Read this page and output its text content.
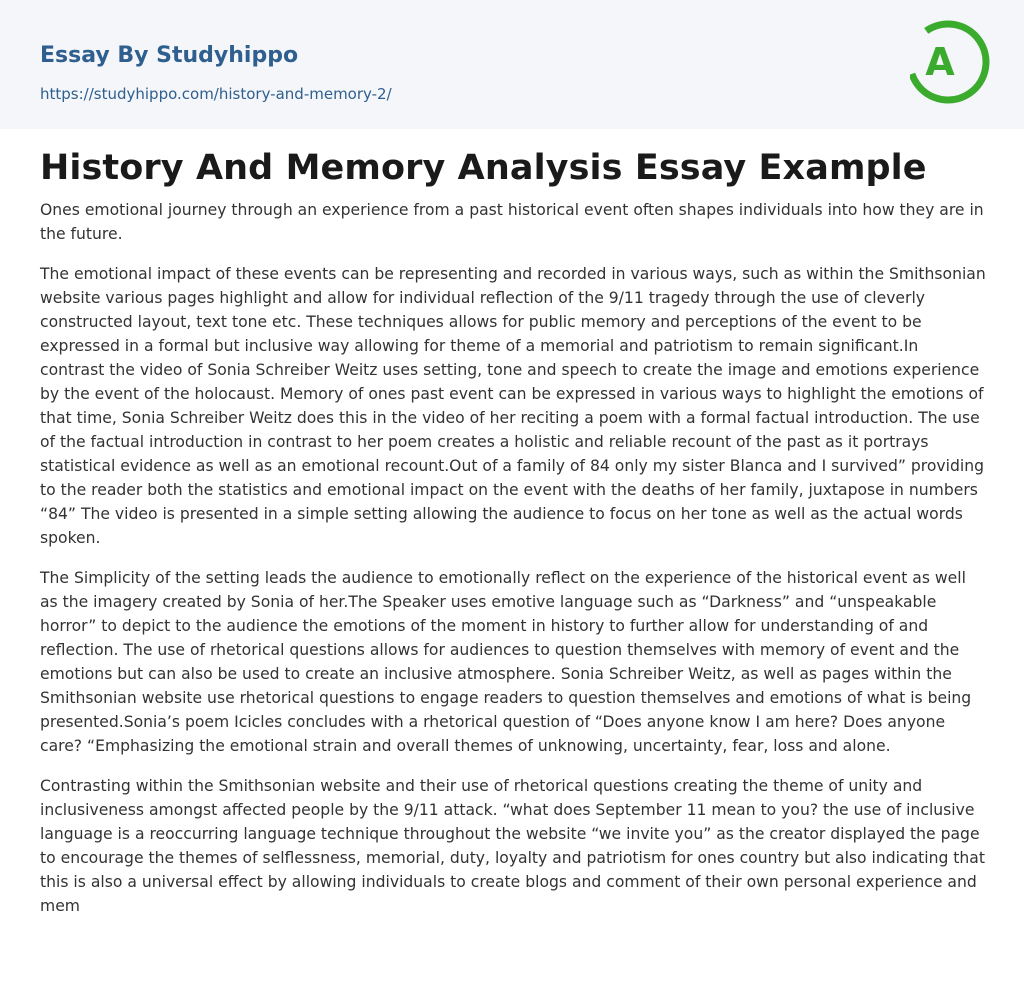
Essay By Studyhippo
https://studyhippo.com/history-and-memory-2/
A
History And Memory Analysis Essay Example

Ones emotional journey through an experience from a past historical event often shapes individuals into how they are in the future.

The emotional impact of these events can be representing and recorded in various ways, such as within the Smithsonian website various pages highlight and allow for individual reflection of the 9/11 tragedy through the use of cleverly constructed layout, text tone etc. These techniques allows for public memory and perceptions of the event to be expressed in a formal but inclusive way allowing for theme of a memorial and patriotism to remain significant.In contrast the video of Sonia Schreiber Weitz uses setting, tone and speech to create the image and emotions experience by the event of the holocaust. Memory of ones past event can be expressed in various ways to highlight the emotions of that time, Sonia Schreiber Weitz does this in the video of her reciting a poem with a formal factual introduction. The use of the factual introduction in contrast to her poem creates a holistic and reliable recount of the past as it portrays statistical evidence as well as an emotional recount.Out of a family of 84 only my sister Blanca and I survived” providing to the reader both the statistics and emotional impact on the event with the deaths of her family, juxtapose in numbers “84” The video is presented in a simple setting allowing the audience to focus on her tone as well as the actual words spoken.

The Simplicity of the setting leads the audience to emotionally reflect on the experience of the historical event as well as the imagery created by Sonia of her.The Speaker uses emotive language such as “Darkness” and “unspeakable horror” to depict to the audience the emotions of the moment in history to further allow for understanding of and reflection. The use of rhetorical questions allows for audiences to question themselves with memory of event and the emotions but can also be used to create an inclusive atmosphere. Sonia Schreiber Weitz, as well as pages within the Smithsonian website use rhetorical questions to engage readers to question themselves and emotions of what is being presented.Sonia’s poem Icicles concludes with a rhetorical question of “Does anyone know I am here? Does anyone care? “Emphasizing the emotional strain and overall themes of unknowing, uncertainty, fear, loss and alone.

Contrasting within the Smithsonian website and their use of rhetorical questions creating the theme of unity and inclusiveness amongst affected people by the 9/11 attack. “what does September 11 mean to you? the use of inclusive language is a reoccurring language technique throughout the website “we invite you” as the creator displayed the page to encourage the themes of selflessness, memorial, duty, loyalty and patriotism for ones country but also indicating that this is also a universal effect by allowing individuals to create blogs and comment of their own personal experience and mem
